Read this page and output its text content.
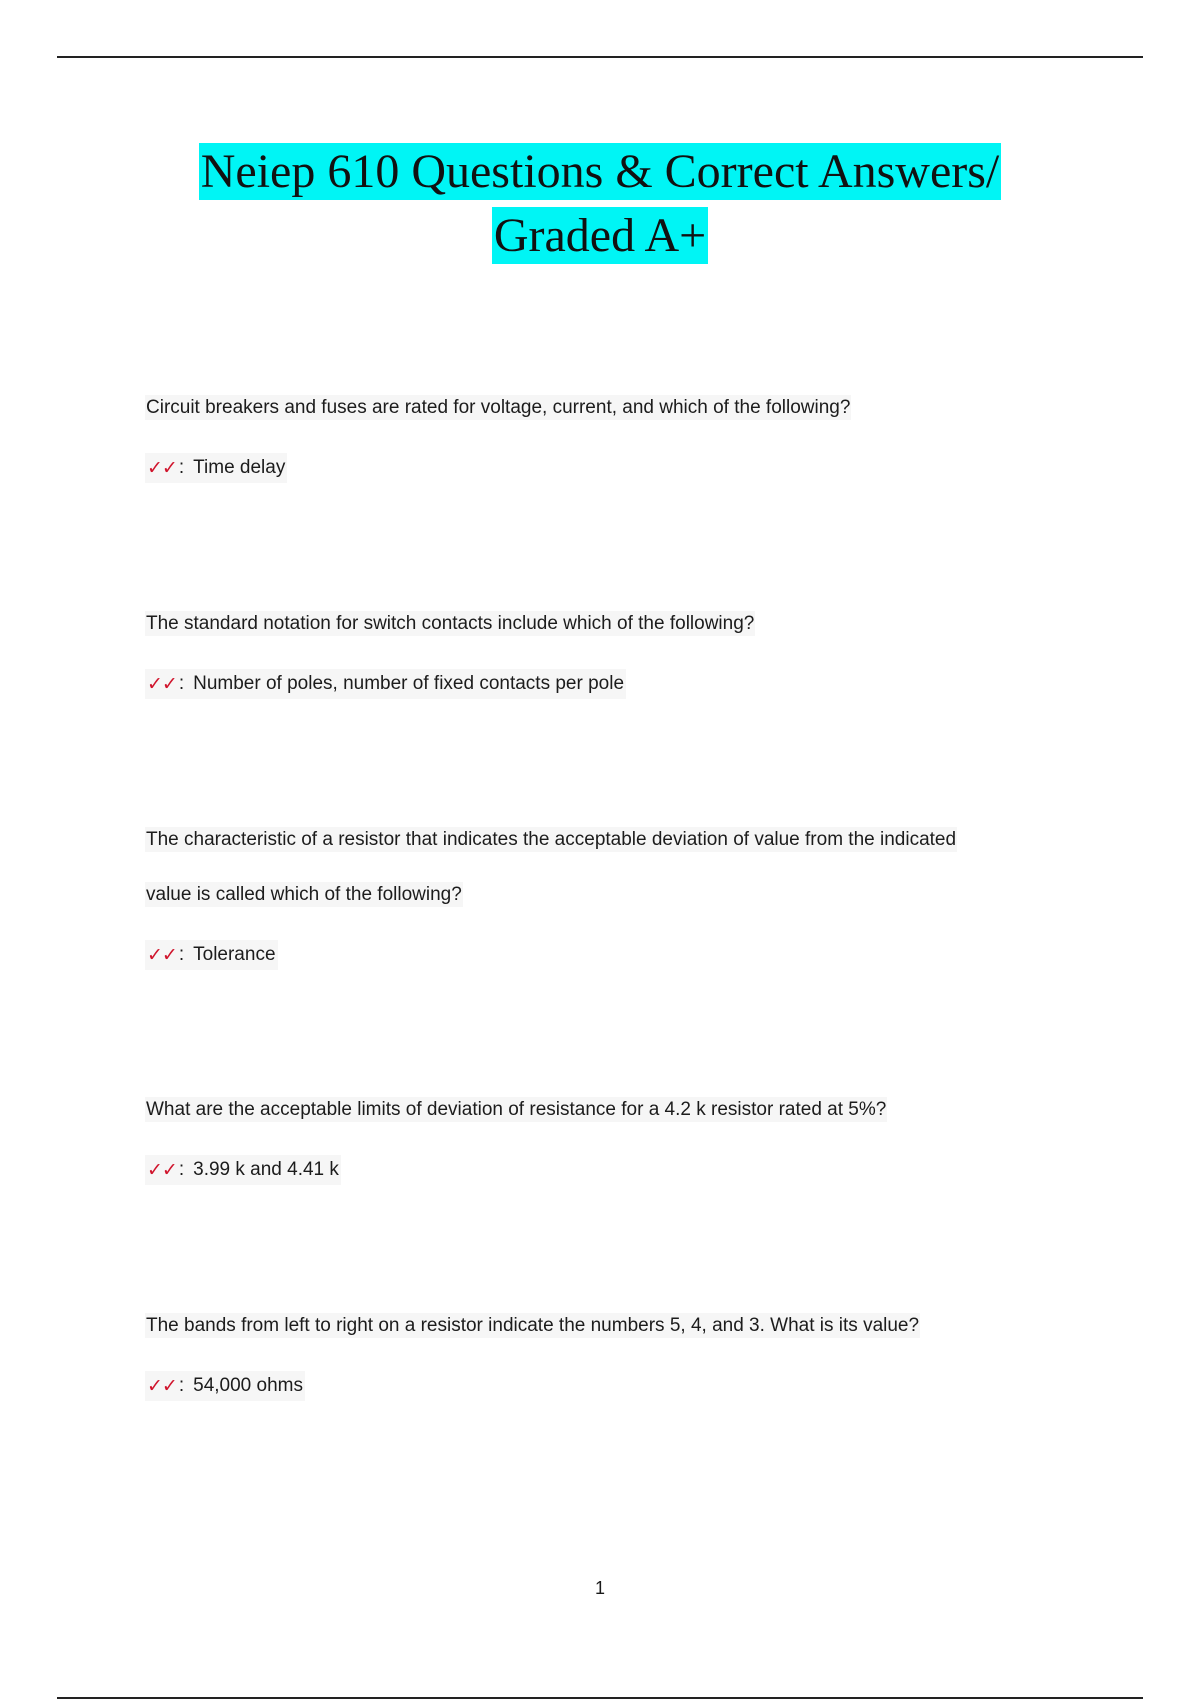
Neiep 610 Questions & Correct Answers/
Graded A+
Circuit breakers and fuses are rated for voltage, current, and which of the following?
✓✓ : Time delay
The standard notation for switch contacts include which of the following?
✓✓ : Number of poles, number of fixed contacts per pole
The characteristic of a resistor that indicates the acceptable deviation of value from the indicated
value is called which of the following?
✓✓ : Tolerance
What are the acceptable limits of deviation of resistance for a 4.2 k resistor rated at 5%?
✓✓ : 3.99 k and 4.41 k
The bands from left to right on a resistor indicate the numbers 5, 4, and 3. What is its value?
✓✓ : 54,000 ohms
1
